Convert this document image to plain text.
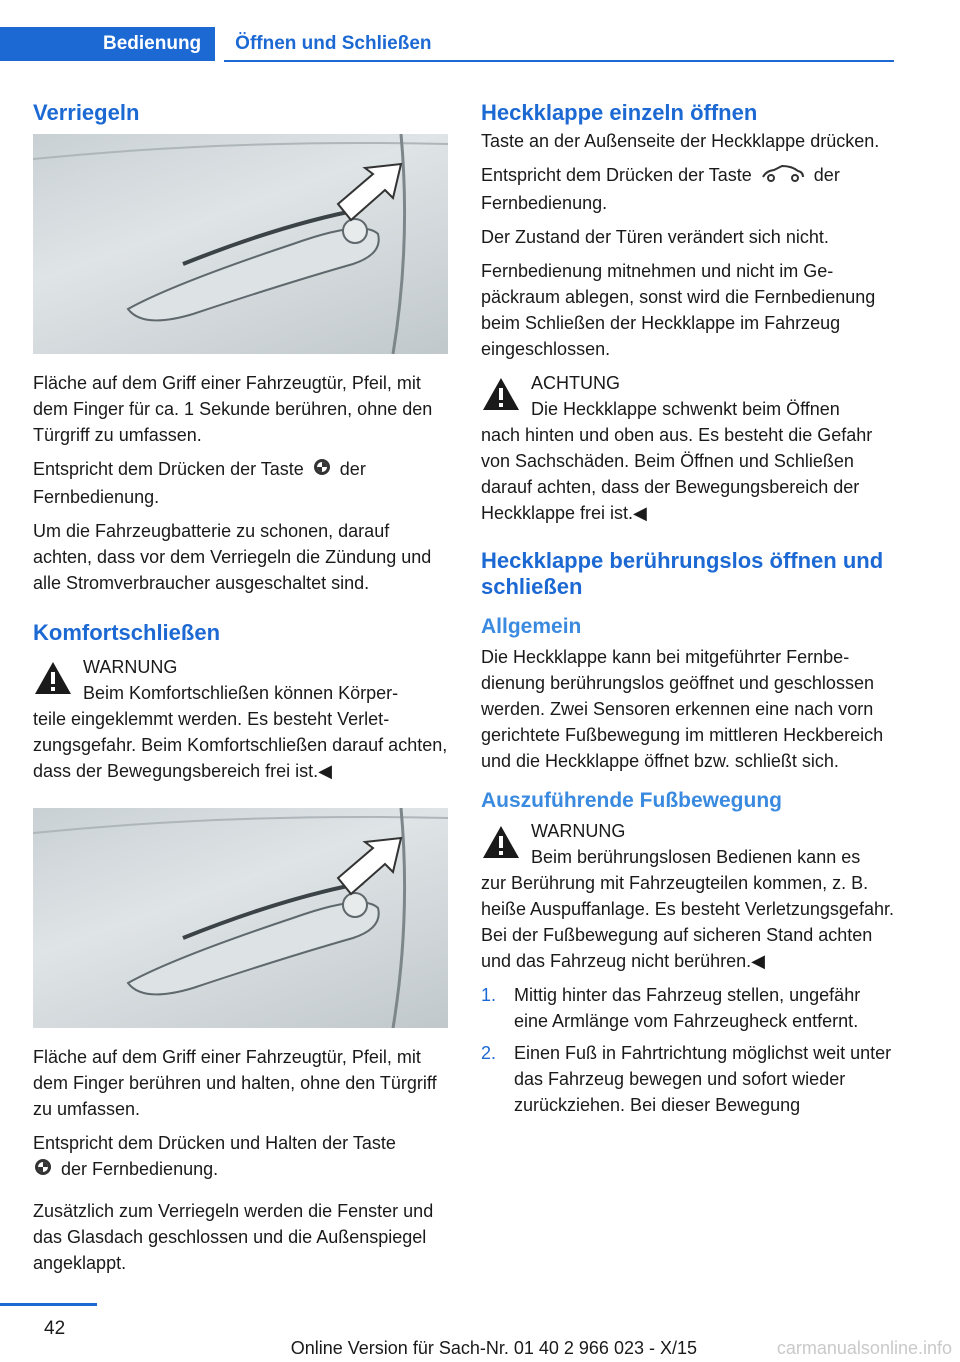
Bedienung	Öffnen und Schließen
Verriegeln

Fläche auf dem Griff einer Fahrzeugtür, Pfeil, mit dem Finger für ca. 1 Sekunde berühren, ohne den Türgriff zu umfassen.

Entspricht dem Drücken der Taste der Fernbedienung.

Um die Fahrzeugbatterie zu schonen, darauf achten, dass vor dem Verriegeln die Zündung und alle Stromverbraucher ausgeschaltet sind.

Komfortschließen
WARNUNG

Beim Komfortschließen können Körper-
teile eingeklemmt werden. Es besteht Verletzungsgefahr. Beim Komfortschließen darauf achten, dass der Bewegungsbereich frei ist.◀

Fläche auf dem Griff einer Fahrzeugtür, Pfeil, mit dem Finger berühren und halten, ohne den Türgriff zu umfassen.

Entspricht dem Drücken und Halten der Taste
der Fernbedienung.

Zusätzlich zum Verriegeln werden die Fenster und das Glasdach geschlossen und die Außenspiegel angeklappt.

Heckklappe einzeln öffnen

Taste an der Außenseite der Heckklappe drücken.

Entspricht dem Drücken der Taste	der Fernbedienung.

Der Zustand der Türen verändert sich nicht.

Fernbedienung mitnehmen und nicht im Gepäckraum ablegen, sonst wird die Fernbedienung beim Schließen der Heckklappe im Fahrzeug eingeschlossen.

ACHTUNG

Die Heckklappe schwenkt beim Öffnen
nach hinten und oben aus. Es besteht die Gefahr von Sachschäden. Beim Öffnen und Schließen darauf achten, dass der Bewegungsbereich der Heckklappe frei ist.◀

Heckklappe berührungslos öffnen und schließen
Allgemein

Die Heckklappe kann bei mitgeführter Fernbedienung berührungslos geöffnet und geschlossen werden. Zwei Sensoren erkennen eine nach vorn gerichtete Fußbewegung im mittleren Heckbereich und die Heckklappe öffnet bzw. schließt sich.

Auszuführende Fußbewegung
WARNUNG

Beim berührungslosen Bedienen kann es
zur Berührung mit Fahrzeugteilen kommen, z. B. heiße Auspuffanlage. Es besteht Verletzungsgefahr. Bei der Fußbewegung auf sicheren Stand achten und das Fahrzeug nicht berühren.◀

1. Mittig hinter das Fahrzeug stellen, ungefähr eine Armlänge vom Fahrzeugheck entfernt.
2. Einen Fuß in Fahrtrichtung möglichst weit unter das Fahrzeug bewegen und sofort wieder zurückziehen. Bei dieser Bewegung
42
Online Version für Sach-Nr. 01 40 2 966 023 - X/15	carmanualsonline.info
